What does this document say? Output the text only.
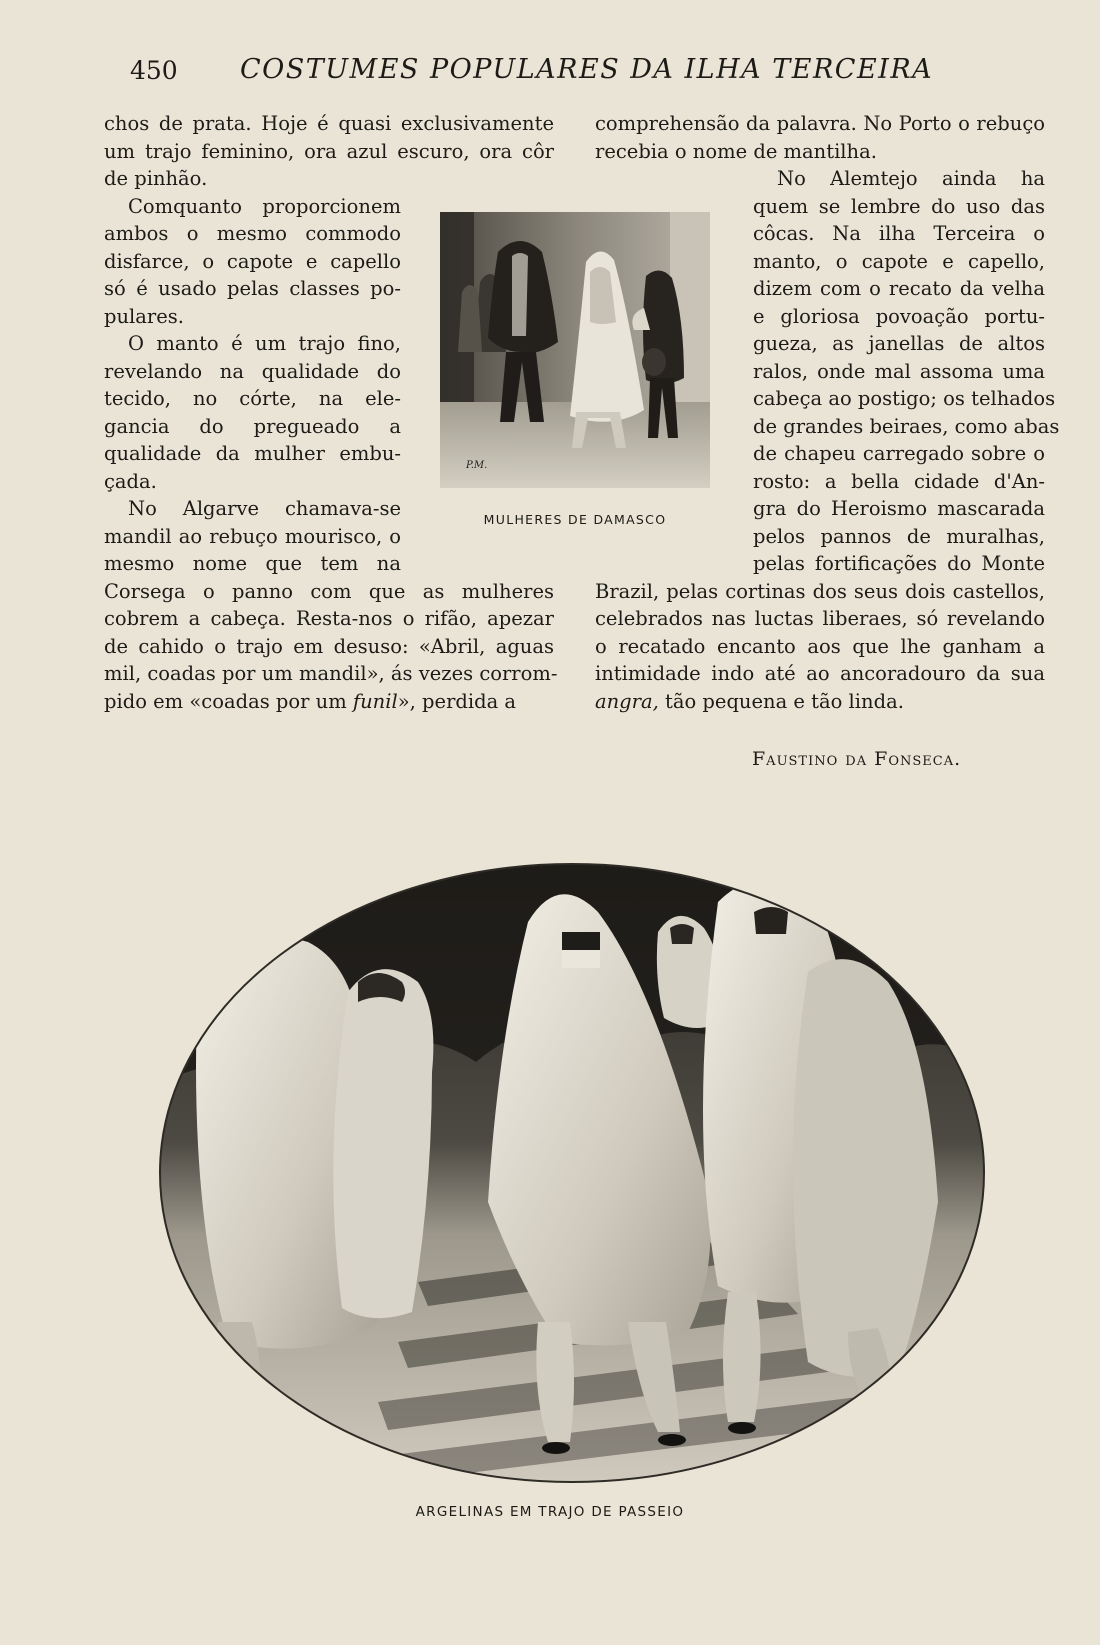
450 COSTUMES POPULARES DA ILHA TERCEIRA
chos de prata. Hoje é quasi exclusivamente
um trajo feminino, ora azul escuro, ora côr
de pinhão.
Comquanto proporcionem
ambos o mesmo commodo
disfarce, o capote e capello
só é usado pelas classes po-
pulares.
O manto é um trajo fino,
revelando na qualidade do
tecido, no córte, na ele-
gancia do pregueado a
qualidade da mulher embu-
çada.
No Algarve chamava-se
mandil ao rebuço mourisco, o
mesmo nome que tem na
Corsega o panno com que as mulheres
cobrem a cabeça. Resta-nos o rifão, apezar
de cahido o trajo em desuso: «Abril, aguas
mil, coadas por um mandil», ás vezes corrom-
pido em «coadas por um funil», perdida a
comprehensão da palavra. No Porto o rebuço
recebia o nome de mantilha.
No Alemtejo ainda ha
quem se lembre do uso das
côcas. Na ilha Terceira o
manto, o capote e capello,
dizem com o recato da velha
e gloriosa povoação portu-
gueza, as janellas de altos
ralos, onde mal assoma uma
cabeça ao postigo; os telhados
de grandes beiraes, como abas
de chapeu carregado sobre o
rosto: a bella cidade d'An-
gra do Heroismo mascarada
pelos pannos de muralhas,
pelas fortificações do Monte
Brazil, pelas cortinas dos seus dois castellos,
celebrados nas luctas liberaes, só revelando
o recatado encanto aos que lhe ganham a
intimidade indo até ao ancoradouro da sua
angra, tão pequena e tão linda.
P.M.
MULHERES DE DAMASCO
Faustino da Fonseca.
ARGELINAS EM TRAJO DE PASSEIO
